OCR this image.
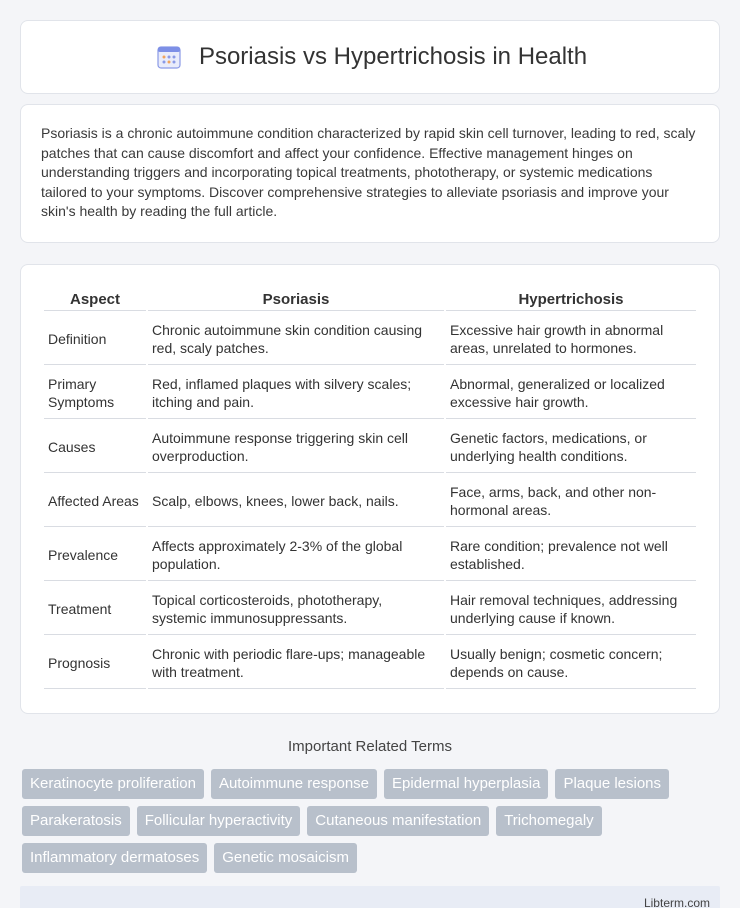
Psoriasis vs Hypertrichosis in Health

Psoriasis is a chronic autoimmune condition characterized by rapid skin cell turnover, leading to red, scaly patches that can cause discomfort and affect your confidence. Effective management hinges on understanding triggers and incorporating topical treatments, phototherapy, or systemic medications tailored to your symptoms. Discover comprehensive strategies to alleviate psoriasis and improve your skin's health by reading the full article.

Aspect	Psoriasis	Hypertrichosis
Definition	Chronic autoimmune skin condition causing red, scaly patches.	Excessive hair growth in abnormal areas, unrelated to hormones.
Primary Symptoms	Red, inflamed plaques with silvery scales; itching and pain.	Abnormal, generalized or localized excessive hair growth.
Causes	Autoimmune response triggering skin cell overproduction.	Genetic factors, medications, or underlying health conditions.
Affected Areas	Scalp, elbows, knees, lower back, nails.	Face, arms, back, and other non-hormonal areas.
Prevalence	Affects approximately 2-3% of the global population.	Rare condition; prevalence not well established.
Treatment	Topical corticosteroids, phototherapy, systemic immunosuppressants.	Hair removal techniques, addressing underlying cause if known.
Prognosis	Chronic with periodic flare-ups; manageable with treatment.	Usually benign; cosmetic concern; depends on cause.
Important Related Terms
Keratinocyte proliferation	Autoimmune response	Epidermal hyperplasia	Plaque lesions
Parakeratosis	Follicular hyperactivity	Cutaneous manifestation	Trichomegaly
Inflammatory dermatoses	Genetic mosaicism
Libterm.com
